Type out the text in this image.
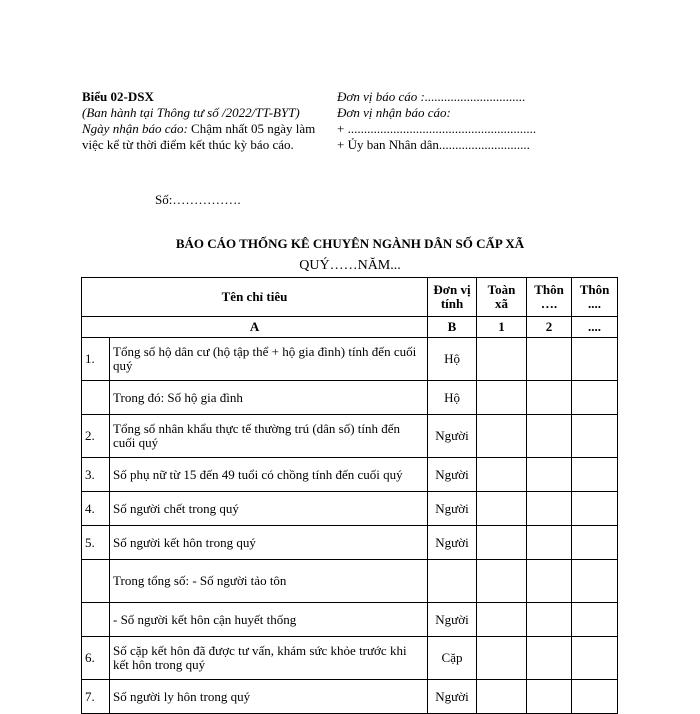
Biểu 02-DSX
(Ban hành tại Thông tư số /2022/TT-BYT)
Ngày nhận báo cáo: Chậm nhất 05 ngày làm việc kể từ thời điểm kết thúc kỳ báo cáo.
Đơn vị báo cáo :...............................
Đơn vị nhận báo cáo:
+ ..........................................................
+ Ủy ban Nhân dân............................
Số:…………….
BÁO CÁO THỐNG KÊ CHUYÊN NGÀNH DÂN SỐ CẤP XÃ
QUÝ……NĂM...
Tên chỉ tiêu		Đơn vị tính	Toàn xã	Thôn ….	Thôn ....
A		B	1	2	....
1.	Tổng số hộ dân cư (hộ tập thể + hộ gia đình) tính đến cuối quý	Hộ			
	Trong đó: Số hộ gia đình	Hộ			
2.	Tổng số nhân khẩu thực tế thường trú (dân số) tính đến cuối quý	Người			
3.	Số phụ nữ từ 15 đến 49 tuổi có chồng tính đến cuối quý	Người			
4.	Số người chết trong quý	Người			
5.	Số người kết hôn trong quý	Người			
	Trong tổng số: - Số người tảo tôn				
	- Số người kết hôn cận huyết thống	Người			
6.	Số cặp kết hôn đã được tư vấn, khám sức khỏe trước khi kết hôn trong quý	Cặp			
7.	Số người ly hôn trong quý	Người			
